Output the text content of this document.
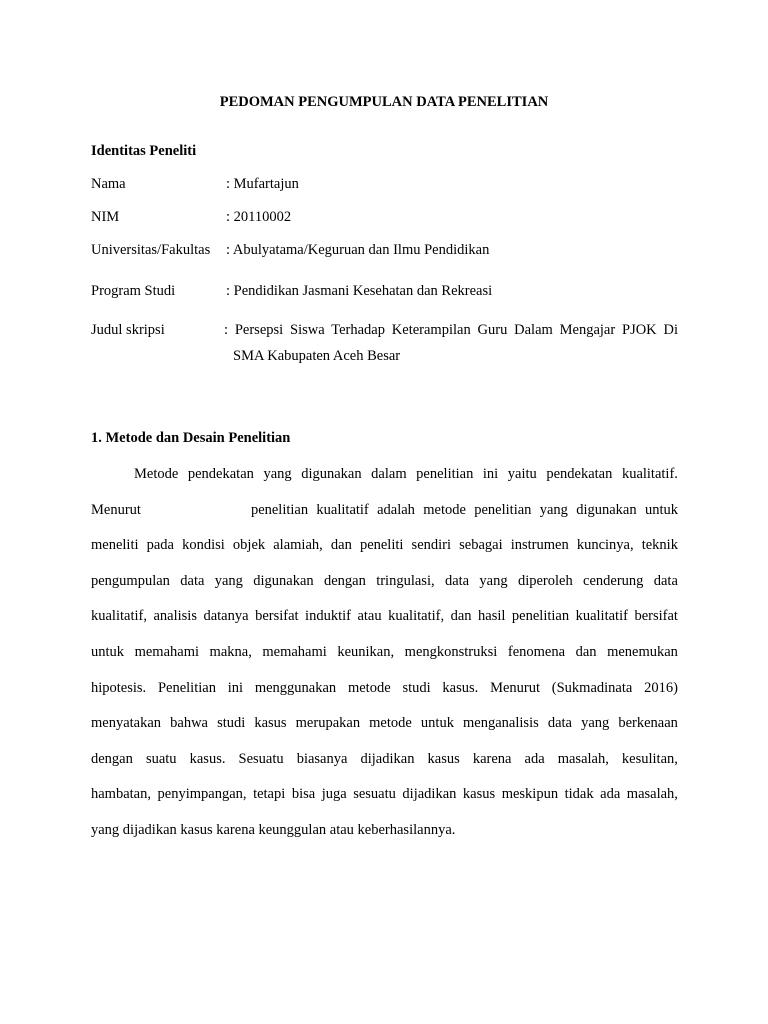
PEDOMAN PENGUMPULAN DATA PENELITIAN
Identitas Peneliti
Nama	: Mufartajun
NIM	: 20110002
Universitas/Fakultas : Abulyatama/Keguruan dan Ilmu Pendidikan
Program Studi	: Pendidikan Jasmani Kesehatan dan Rekreasi
Judul skripsi	: Persepsi Siswa Terhadap Keterampilan Guru Dalam Mengajar PJOK Di
SMA Kabupaten Aceh Besar
1. Metode dan Desain Penelitian
Metode pendekatan yang digunakan dalam penelitian ini yaitu pendekatan kualitatif.
Menurut	penelitian kualitatif adalah metode penelitian yang digunakan untuk
meneliti pada kondisi objek alamiah, dan peneliti sendiri sebagai instrumen kuncinya, teknik
pengumpulan data yang digunakan dengan tringulasi, data yang diperoleh cenderung data
kualitatif, analisis datanya bersifat induktif atau kualitatif, dan hasil penelitian kualitatif bersifat
untuk memahami makna, memahami keunikan, mengkonstruksi fenomena dan menemukan
hipotesis. Penelitian ini menggunakan metode studi kasus. Menurut (Sukmadinata 2016)
menyatakan bahwa studi kasus merupakan metode untuk menganalisis data yang berkenaan
dengan suatu kasus. Sesuatu biasanya dijadikan kasus karena ada masalah, kesulitan,
hambatan, penyimpangan, tetapi bisa juga sesuatu dijadikan kasus meskipun tidak ada masalah,
yang dijadikan kasus karena keunggulan atau keberhasilannya.
